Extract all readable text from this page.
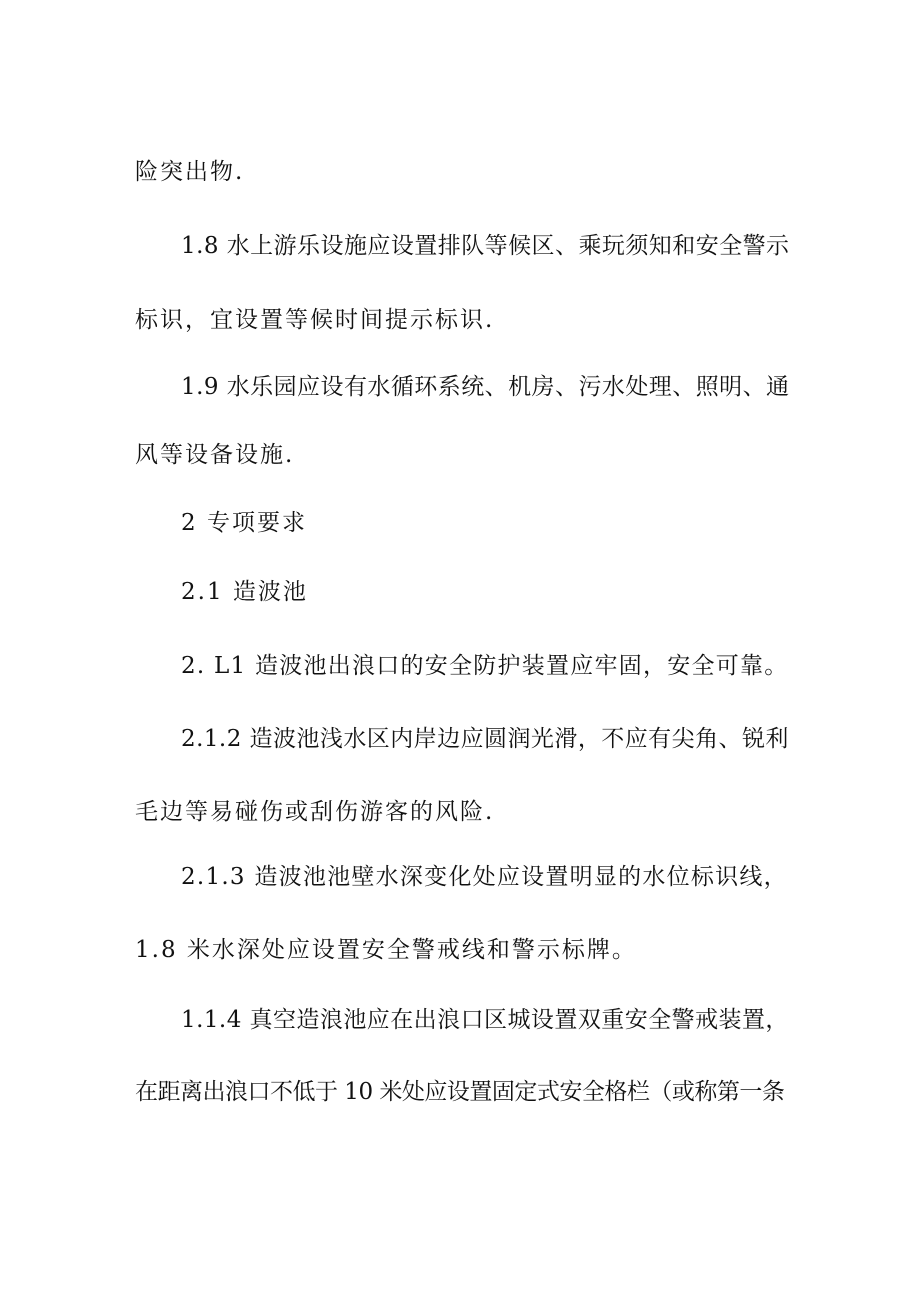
险突出物.
1.8 水上游乐设施应设置排队等候区、乘玩须知和安全警示
标识，宜设置等候时间提示标识.
1.9 水乐园应设有水循环系统、机房、污水处理、照明、通
风等设备设施.
2 专项要求
2.1 造波池
2. L1 造波池出浪口的安全防护装置应牢固，安全可靠。
2.1.2 造波池浅水区内岸边应圆润光滑，不应有尖角、锐利
毛边等易碰伤或刮伤游客的风险.
2.1.3 造波池池壁水深变化处应设置明显的水位标识线，
1.8 米水深处应设置安全警戒线和警示标牌。
1.1.4 真空造浪池应在出浪口区城设置双重安全警戒装置，
在距离出浪口不低于 10 米处应设置固定式安全格栏（或称第一条
